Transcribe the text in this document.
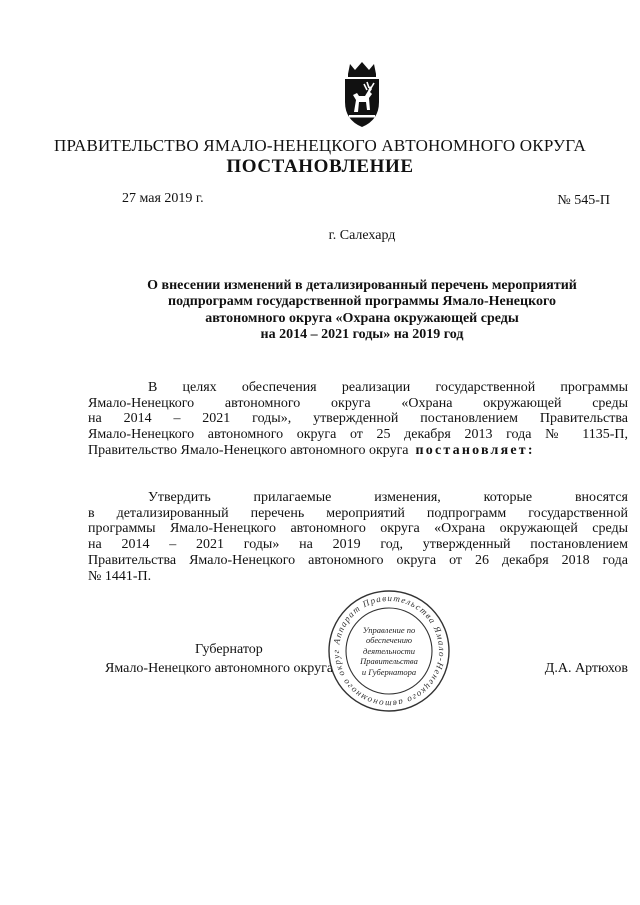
ПРАВИТЕЛЬСТВО ЯМАЛО-НЕНЕЦКОГО АВТОНОМНОГО ОКРУГА
ПОСТАНОВЛЕНИЕ
27 мая 2019 г.	№ 545-П
г. Салехард
О внесении изменений в детализированный перечень мероприятий
подпрограмм государственной программы Ямало-Ненецкого
автономного округа «Охрана окружающей среды
на 2014 – 2021 годы» на 2019 год
В целях обеспечения реализации государственной программы
Ямало-Ненецкого автономного округа «Охрана окружающей среды
на 2014 – 2021 годы», утвержденной постановлением Правительства
Ямало-Ненецкого автономного округа от 25 декабря 2013 года № 1135-П,
Правительство Ямало-Ненецкого автономного округа постановляет:
Утвердить прилагаемые изменения, которые вносятся
в детализированный перечень мероприятий подпрограмм государственной
программы Ямало-Ненецкого автономного округа «Охрана окружающей среды
на 2014 – 2021 годы» на 2019 год, утвержденный постановлением
Правительства Ямало-Ненецкого автономного округа от 26 декабря 2018 года
№ 1441-П.
Губернатор
Ямало-Ненецкого автономного округа	Д.А. Артюхов
Аппарат Правительства Ямало-Ненецкого автономного округ
Управление по
обеспечению
деятельности
Правительства
и Губернатора
